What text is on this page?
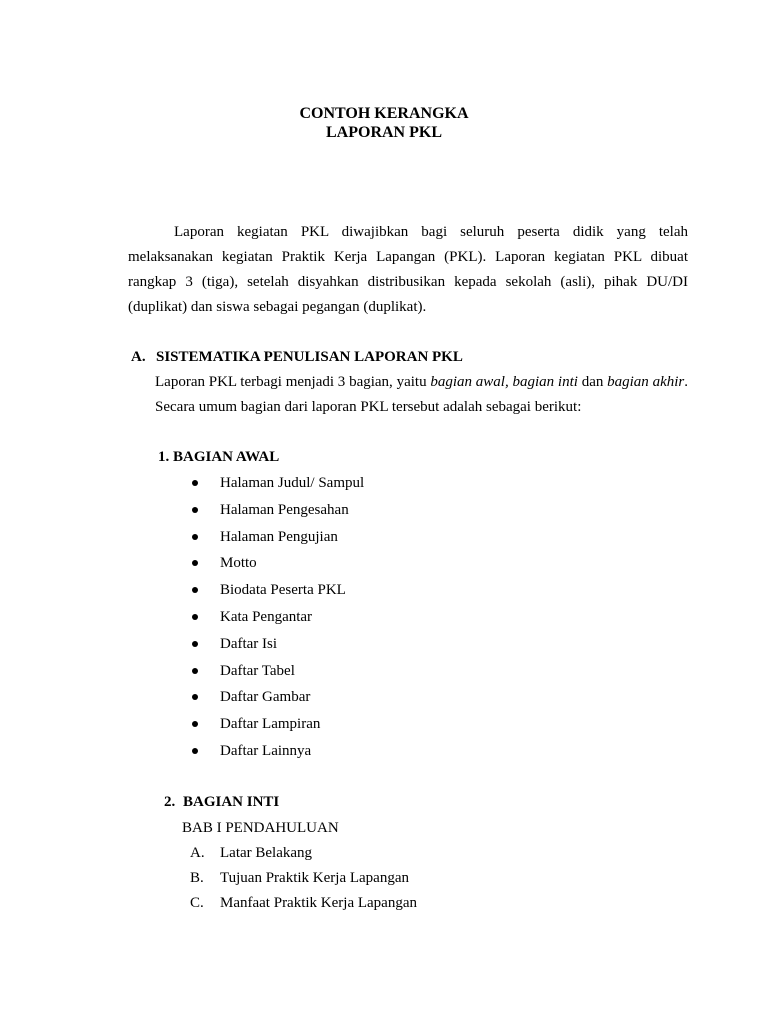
CONTOH KERANGKA
LAPORAN PKL
Laporan kegiatan PKL diwajibkan bagi seluruh peserta didik yang telah melaksanakan kegiatan Praktik Kerja Lapangan (PKL). Laporan kegiatan PKL dibuat rangkap 3 (tiga), setelah disyahkan distribusikan kepada sekolah (asli), pihak DU/DI (duplikat) dan siswa sebagai pegangan (duplikat).
A. SISTEMATIKA PENULISAN LAPORAN PKL
Laporan PKL terbagi menjadi 3 bagian, yaitu bagian awal, bagian inti dan bagian akhir. Secara umum bagian dari laporan PKL tersebut adalah sebagai berikut:
1. BAGIAN AWAL
Halaman Judul/ Sampul
Halaman Pengesahan
Halaman Pengujian
Motto
Biodata Peserta PKL
Kata Pengantar
Daftar Isi
Daftar Tabel
Daftar Gambar
Daftar Lampiran
Daftar Lainnya
2. BAGIAN INTI
BAB I PENDAHULUAN
A. Latar Belakang
B. Tujuan Praktik Kerja Lapangan
C. Manfaat Praktik Kerja Lapangan
